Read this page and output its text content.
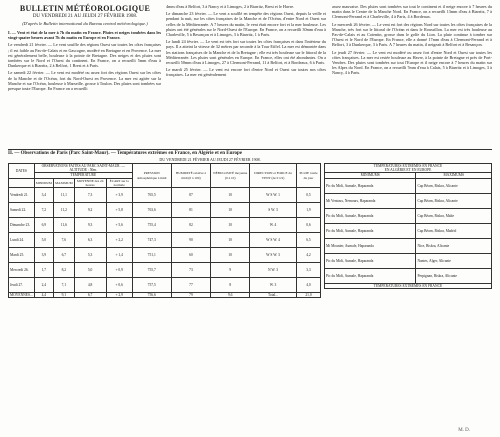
BULLETIN MÉTÉOROLOGIQUE
DU VENDREDI 21 AU JEUDI 27 FÉVRIER 1908.
(D'après le Bulletin international du Bureau central météorologique.)

I. — Vent et état de la mer à 7h du matin en France. Pluies et neiges tombées dans les vingt-quatre heures avant 7h du matin en Europe et en France.

Le vendredi 21 février. — Le vent souffle des régions Ouest sur toutes les côtes françaises ; il est faible au Pas-de-Calais et en Gascogne, modéré en Bretagne et en Provence. La mer est généralement belle, houleuse à la pointe de Bretagne. Des neiges et des pluies sont tombées sur le Nord et l'Ouest du continent. En France, on a recueilli 5mm d'eau à Dunkerque et à Biarritz, 2 à Belfort, 1 Brest et à Paris.

Le samedi 22 février. — Le vent est modéré ou assez fort des régions Ouest sur les côtes de la Manche et de l'Océan, fort du Nord-Ouest en Provence. La mer est agitée sur la Manche et sur l'Océan, houleuse à Marseille, grosse à Toulon. Des pluies sont tombées sur presque toute l'Europe. En France on a recueilli

4mm d'eau à Belfort, 3 à Nancy et à Limoges, 2 à Biarritz, Brest et le Havre.

Le dimanche 23 février. — Le vent a soufflé en tempête des régions Ouest, depuis la veille et pendant la nuit, sur les côtes françaises de la Manche et de l'Océan, d'entre Nord et Ouest sur celles de la Méditerranée. A 7 heures du matin, le vent était encore fort et la mer houleuse. Les pluies ont été générales sur le Nord-Ouest de l'Europe. En France, on a recueilli 30mm d'eau à Charleville, 5 à Besançon et à Limoges, 3 à Biarritz, 1 à Paris.

Le lundi 24 février. — Le vent est très fort sur toutes les côtes françaises et dans l'intérieur du pays. Il a atteint la vitesse de 32 mètres par seconde à la Tour Eiffel. La mer est démontée dans les stations françaises de la Manche et de la Bretagne ; elle est très houleuse sur le littoral de la Méditerranée. Les pluies sont générales en Europe. En France, elles ont été abondantes. On a recueilli 50mm d'eau à Limoges, 27 à Clermont-Ferrand, 11 à Belfort, et à Bordeaux, 6 à Paris.

Le mardi 25 février. — Le vent est encore fort d'entre Nord et Ouest sur toutes nos côtes françaises. La mer est généralement

assez mauvaise. Des pluies sont tombées sur tout le continent et il neige encore à 7 heures du matin dans le Centre de la Manche Nord. En France, on a recueilli 13mm d'eau à Biarritz, 7 à Clermont-Ferrand et à Charleville, 4 à Paris, 4 à Bordeaux.

Le mercredi 26 février. — Le vent est fort des régions Nord sur toutes les côtes françaises de la Manche, très fort sur le littoral de l'Océan et dans le Roussillon. La mer est très houleuse au Pas-de-Calais et au Cotentin, grosse dans le golfe du Lion. La pluie continue à tomber sur l'Ouest et le Nord de l'Europe. En France, elle a donné 17mm d'eau à Clermont-Ferrand et à Belfort, 3 à Dunkerque, 3 à Paris. A 7 heures du matin, il neigeait à Belfort et à Besançon.

Le jeudi 27 février. — Le vent est modéré ou assez fort d'entre Nord et Ouest sur toutes les côtes françaises. La mer est restée houleuse au Havre, à la pointe de Bretagne et près de Port-Vendres. Des pluies sont tombées sur tout l'Europe et il neige encore à 7 heures du matin sur les Alpes du Nord. En France, on a recueilli 7mm d'eau à Calais, 5 à Biarritz et à Limoges, 3 à Nancy, 4 à Paris.

II. — Observations de Paris (Parc Saint-Maur). — Températures extrêmes en France, en Algérie et en Europe
DU VENDREDI 21 FÉVRIER AU JEUDI 27 FÉVRIER 1908.
DATES	OBSERVATIONS FAITES AU PARC SAINT-MAUR. — ALTITUDE : 50m.				PRESSION atmosphérique à midi	HUMIDITÉ relative à midi (0 à 100)	NÉBULOSITÉ moyenne (0 à 10)	DIRECTION et FORCE du VENT (de 0 à 9)	PLUIE totale du jour
	TEMPÉRATURE								
	MINIMUM	MAXIMUM	MOYENNE des 24 heures	ÉCART sur la normale					
Vendredi 21.	3,4	11,1	7,3	+ 3,9	765,5	87	10	W S W. 1	0,5
Samedi 22.	7,2	11,2	9,2	+ 5,8	763,6	81	10	S W. 3	1,9
Dimanche 23.	6,9	11,6	9,3	+ 5,6	755,4	82	10	W. 4	0,6
Lundi 24.	5,0	7,6	6,3	+ 2,2	747,3	90	10	W S W. 4	6,5
Mardi 25.	3,9	6,7	5,3	+ 1,4	751,1	60	10	W S W. 3	4,2
Mercredi 26.	1,7	8,2	5,0	+ 0,9	755,7	73	9	N W. 3	3,3
Jeudi 27.	2,4	7,1	4,8	+ 0,6	757,5	77	8	W. 3	4,0
MOYENNES...	4,4	9,1	6,7	+ 2,9	756,6	79	9,6	Total...	21,0
TEMPÉRATURES EXTRÊMES EN FRANCE
EN ALGÉRIE ET EN EUROPE	

MINIMUMS	MAXIMUMS
Pic du Midi, Aumale, Haparanda	Cap Béarn, Biskra, Alicante
Mt Ventoux, Nemours, Haparanda	Cap Béarn, Biskra, Alicante
Pic du Midi, Aumale, Haparanda	Cap Béarn, Biskra, Malte
Pic du Midi, Aumale, Haparanda	Cap Béarn, Biskra, Madrid
Mt Mounier, Aumale, Haparanda	Nice, Biskra, Alicante
Pic du Midi, Aumale, Haparanda	Nantes, Alger, Alicante
Pic du Midi, Aumale, Haparanda	Perpignan, Biskra, Alicante
TEMPÉRATURES EXTRÊMES EN FRANCE	
M. D.
